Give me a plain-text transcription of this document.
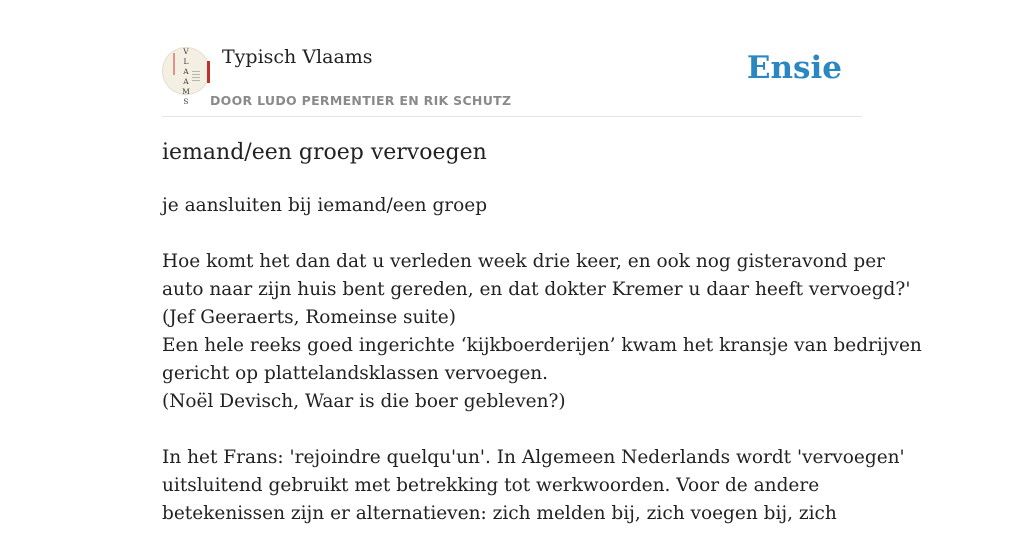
V
L
A
A
M
S
Typisch Vlaams
DOOR LUDO PERMENTIER EN RIK SCHUTZ
Ensie
iemand/een groep vervoegen

je aansluiten bij iemand/een groep

Hoe komt het dan dat u verleden week drie keer, en ook nog gisteravond per
auto naar zijn huis bent gereden, en dat dokter Kremer u daar heeft vervoegd?'
(Jef Geeraerts, Romeinse suite)
Een hele reeks goed ingerichte ‘kijkboerderijen’ kwam het kransje van bedrijven
gericht op plattelandsklassen vervoegen.
(Noël Devisch, Waar is die boer gebleven?)

In het Frans: 'rejoindre quelqu'un'. In Algemeen Nederlands wordt 'vervoegen'
uitsluitend gebruikt met betrekking tot werkwoorden. Voor de andere
betekenissen zijn er alternatieven: zich melden bij, zich voegen bij, zich
